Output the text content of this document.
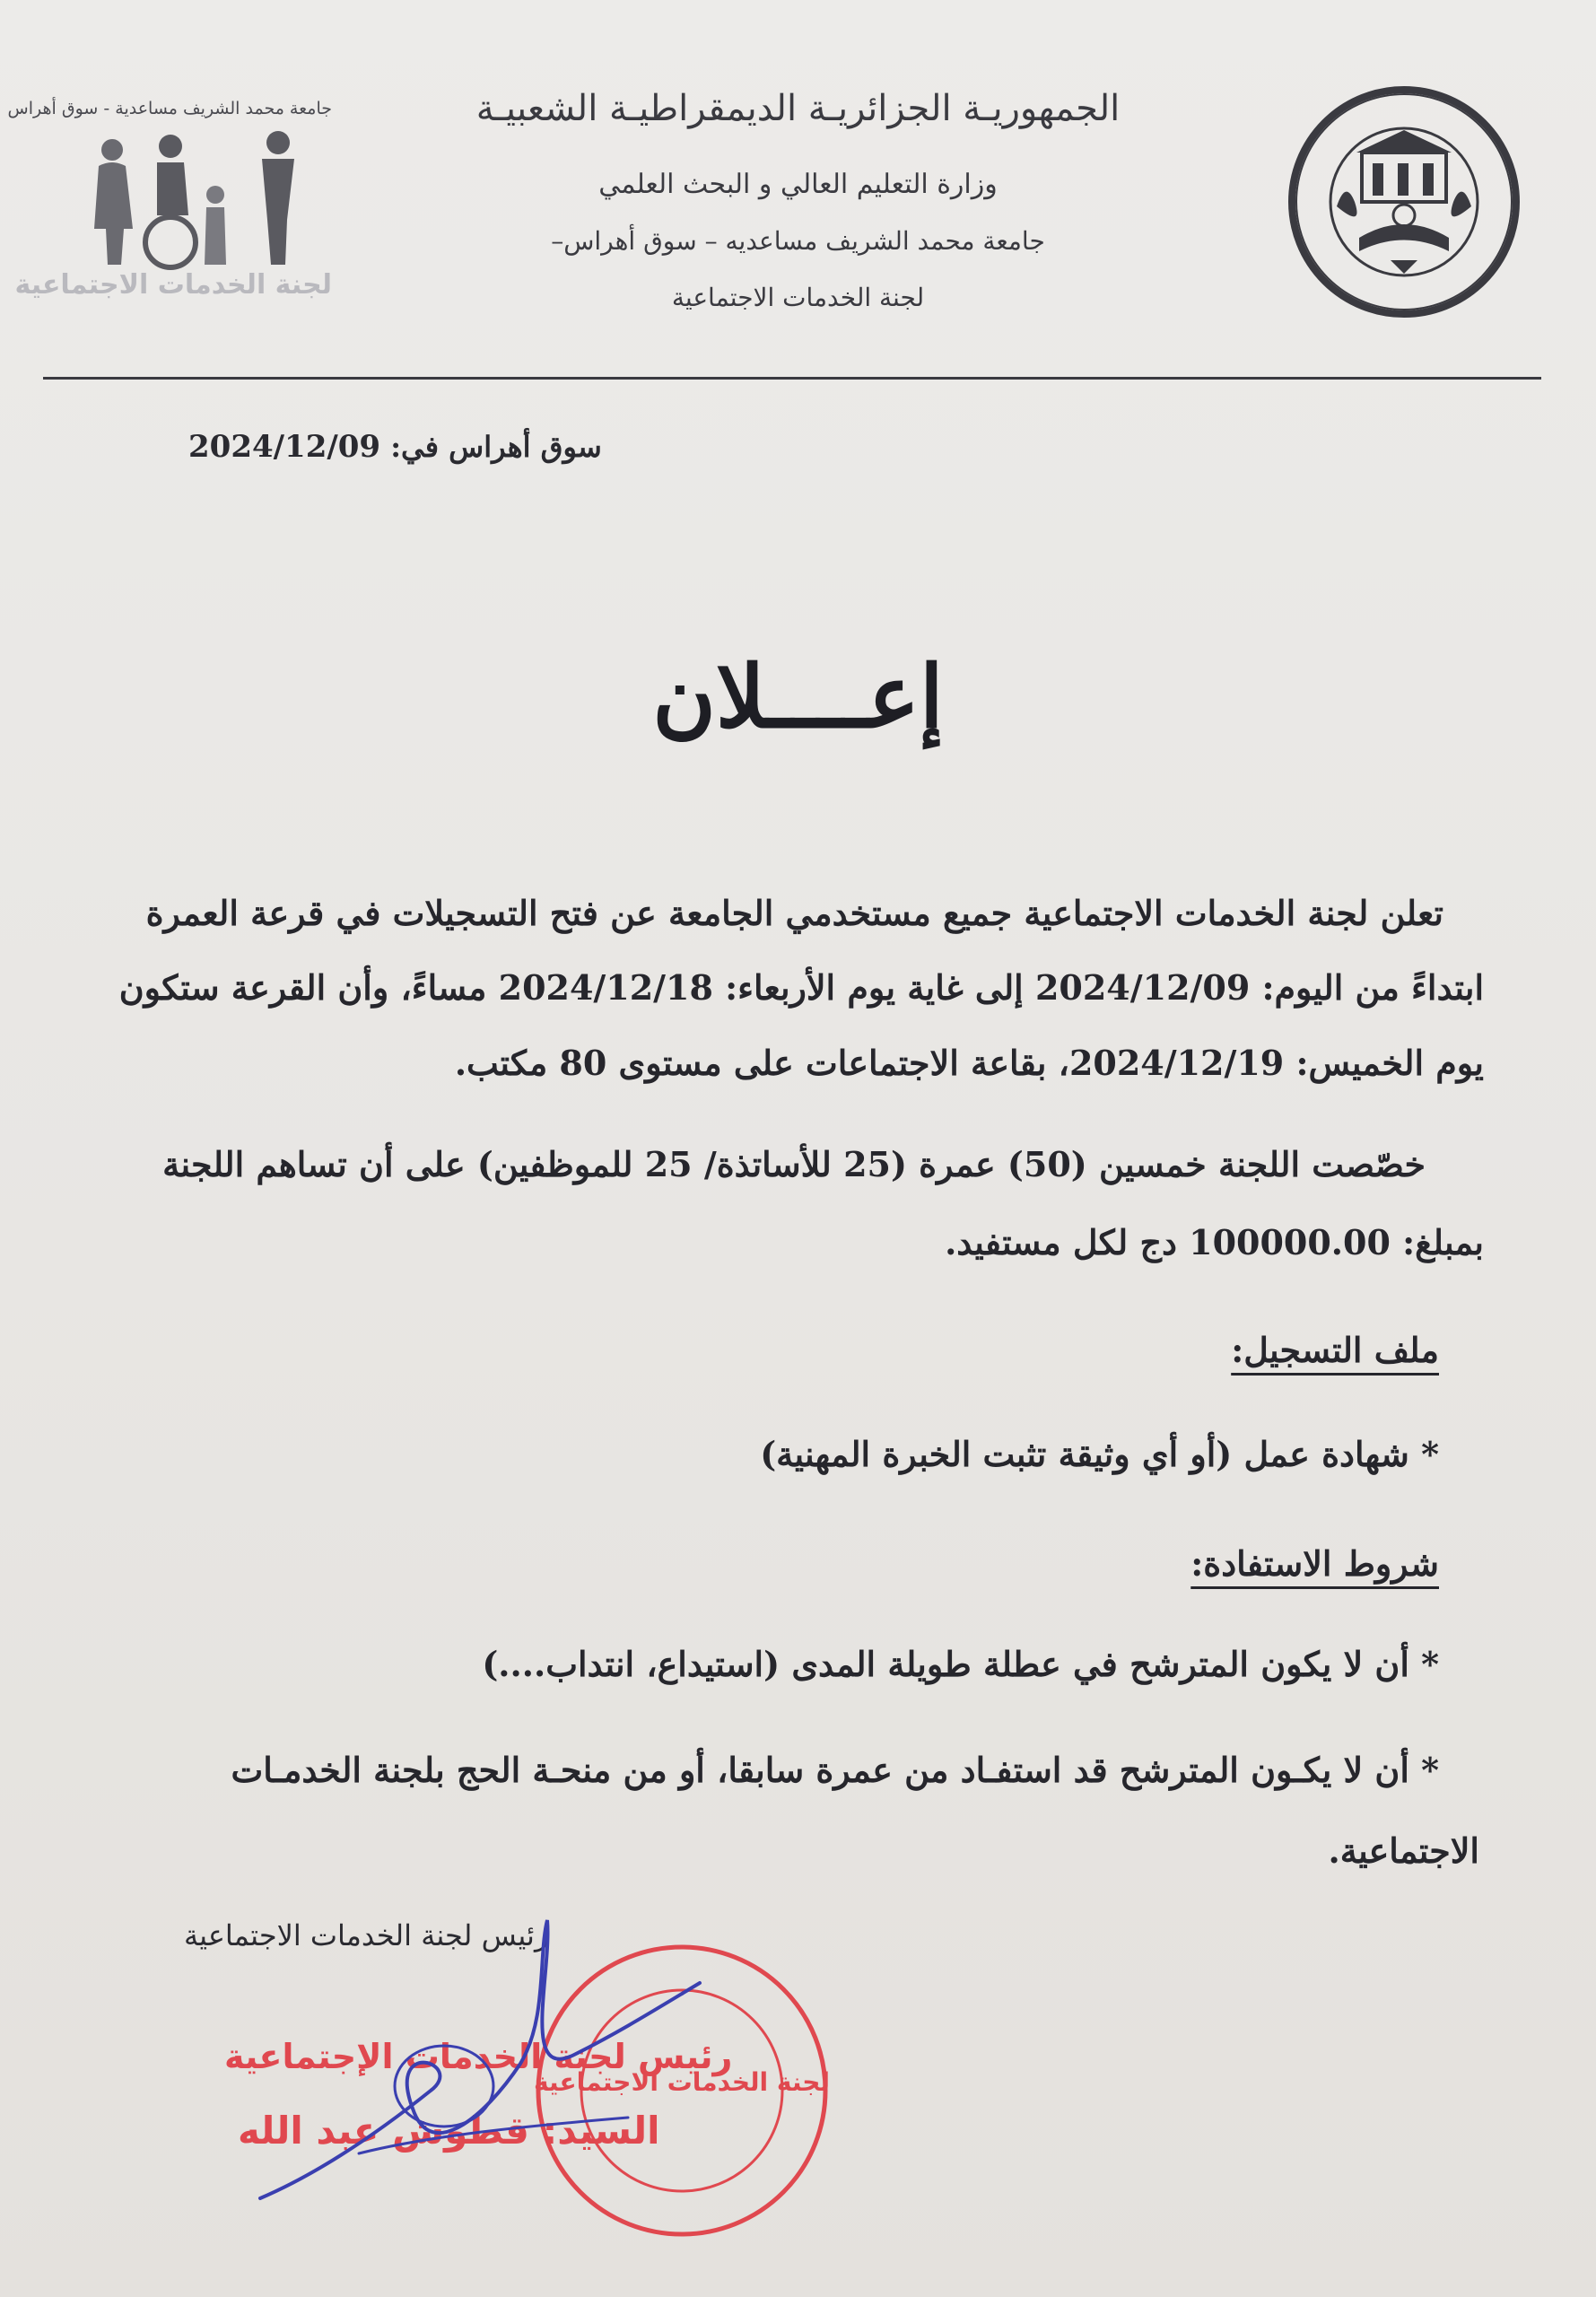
جامعة محمد الشريف مساعدية - سوق أهراس
لجنة الخدمات الاجتماعية
الجمهوريـة الجزائريـة الديمقراطيـة الشعبيـة
وزارة التعليم العالي و البحث العلمي
جامعة محمد الشريف مساعديه – سوق أهراس–
لجنة الخدمات الاجتماعية
سوق أهراس في: 2024/12/09
إعــــلان
تعلن لجنة الخدمات الاجتماعية جميع مستخدمي الجامعة عن فتح التسجيلات في قرعة العمرة
ابتداءً من اليوم: 2024/12/09 إلى غاية يوم الأربعاء: 2024/12/18 مساءً، وأن القرعة ستكون
يوم الخميس: 2024/12/19، بقاعة الاجتماعات على مستوى 80 مكتب.
خصّصت اللجنة خمسين (50) عمرة (25 للأساتذة/ 25 للموظفين) على أن تساهم اللجنة
بمبلغ: 100000.00 دج لكل مستفيد.
ملف التسجيل:
* شهادة عمل (أو أي وثيقة تثبت الخبرة المهنية)
شروط الاستفادة:
* أن لا يكون المترشح في عطلة طويلة المدى (استيداع، انتداب....)
* أن لا يكـون المترشح قد استفـاد من عمرة سابقا، أو من منحـة الحج بلجنة الخدمـات
الاجتماعية.
رئيس لجنة الخدمات الاجتماعية
رئيس لجنة الخدمات الإجتماعية
السيد: قطوش عبد الله
لجنة الخدمات الاجتماعية
